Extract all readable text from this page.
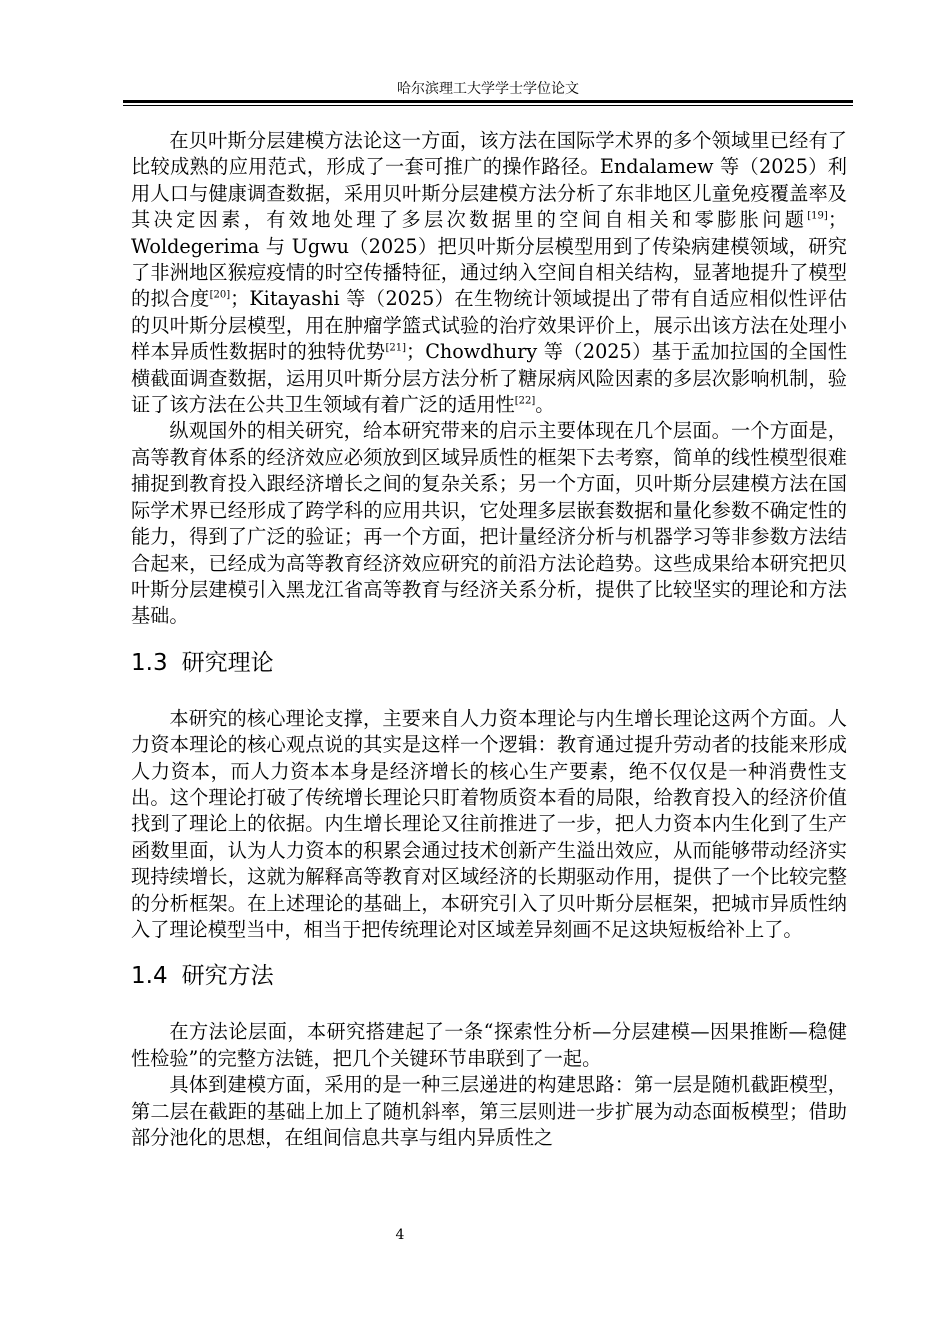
哈尔滨理工大学学士学位论文

在贝叶斯分层建模方法论这一方面，该方法在国际学术界的多个领域里已经有了比较成熟的应用范式，形成了一套可推广的操作路径。Endalamew 等（2025）利用人口与健康调查数据，采用贝叶斯分层建模方法分析了东非地区儿童免疫覆盖率及其决定因素，有效地处理了多层次数据里的空间自相关和零膨胀问题[19]；Woldegerima 与 Ugwu（2025）把贝叶斯分层模型用到了传染病建模领域，研究了非洲地区猴痘疫情的时空传播特征，通过纳入空间自相关结构，显著地提升了模型的拟合度[20]；Kitayashi 等（2025）在生物统计领域提出了带有自适应相似性评估的贝叶斯分层模型，用在肿瘤学篮式试验的治疗效果评价上，展示出该方法在处理小样本异质性数据时的独特优势[21]；Chowdhury 等（2025）基于孟加拉国的全国性横截面调查数据，运用贝叶斯分层方法分析了糖尿病风险因素的多层次影响机制，验证了该方法在公共卫生领域有着广泛的适用性[22]。

纵观国外的相关研究，给本研究带来的启示主要体现在几个层面。一个方面是，高等教育体系的经济效应必须放到区域异质性的框架下去考察，简单的线性模型很难捕捉到教育投入跟经济增长之间的复杂关系；另一个方面，贝叶斯分层建模方法在国际学术界已经形成了跨学科的应用共识，它处理多层嵌套数据和量化参数不确定性的能力，得到了广泛的验证；再一个方面，把计量经济分析与机器学习等非参数方法结合起来，已经成为高等教育经济效应研究的前沿方法论趋势。这些成果给本研究把贝叶斯分层建模引入黑龙江省高等教育与经济关系分析，提供了比较坚实的理论和方法基础。

1.3 研究理论

本研究的核心理论支撑，主要来自人力资本理论与内生增长理论这两个方面。人力资本理论的核心观点说的其实是这样一个逻辑：教育通过提升劳动者的技能来形成人力资本，而人力资本本身是经济增长的核心生产要素，绝不仅仅是一种消费性支出。这个理论打破了传统增长理论只盯着物质资本看的局限，给教育投入的经济价值找到了理论上的依据。内生增长理论又往前推进了一步，把人力资本内生化到了生产函数里面，认为人力资本的积累会通过技术创新产生溢出效应，从而能够带动经济实现持续增长，这就为解释高等教育对区域经济的长期驱动作用，提供了一个比较完整的分析框架。在上述理论的基础上，本研究引入了贝叶斯分层框架，把城市异质性纳入了理论模型当中，相当于把传统理论对区域差异刻画不足这块短板给补上了。

1.4 研究方法

在方法论层面，本研究搭建起了一条“探索性分析—分层建模—因果推断—稳健性检验”的完整方法链，把几个关键环节串联到了一起。

具体到建模方面，采用的是一种三层递进的构建思路：第一层是随机截距模型，第二层在截距的基础上加上了随机斜率，第三层则进一步扩展为动态面板模型；借助部分池化的思想，在组间信息共享与组内异质性之

4
